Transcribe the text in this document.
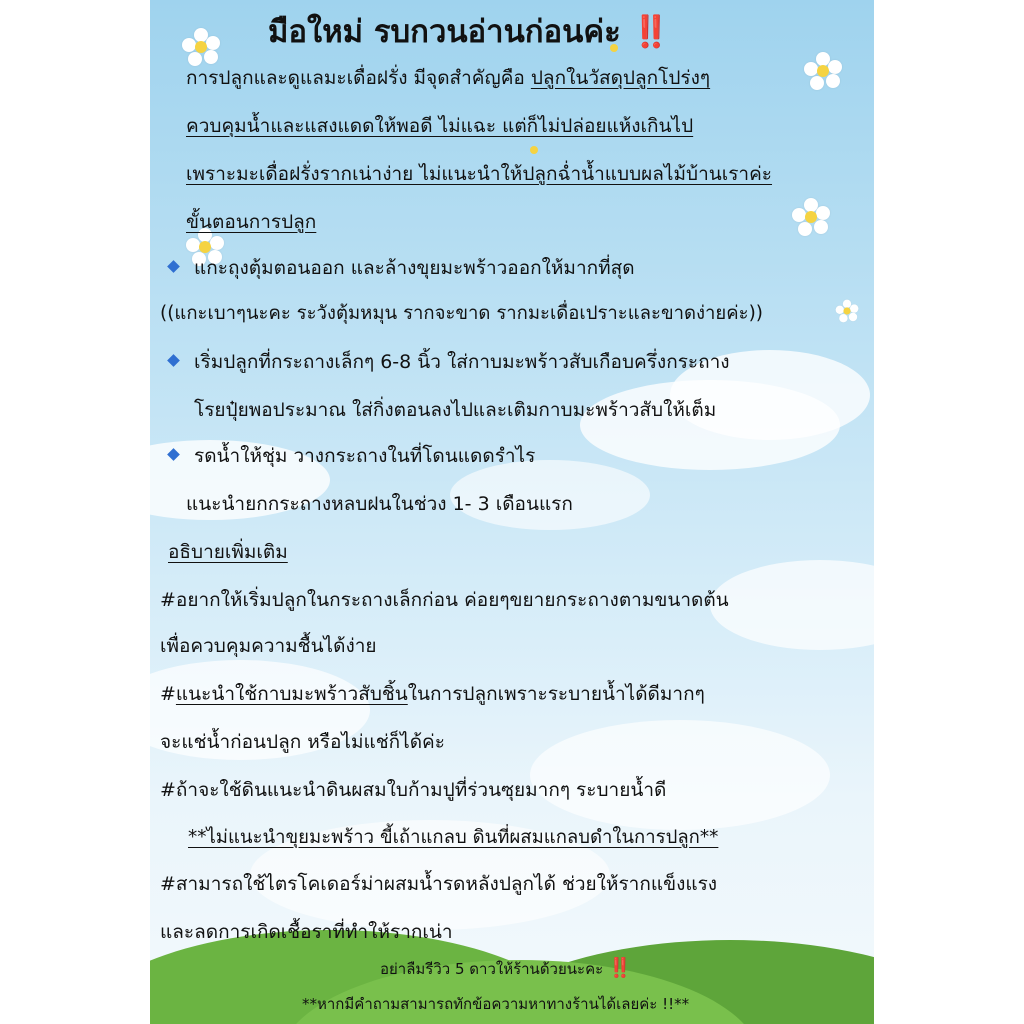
มือใหม่ รบกวนอ่านก่อนค่ะ ‼️
การปลูกและดูแลมะเดื่อฝรั่ง มีจุดสำคัญคือ ปลูกในวัสดุปลูกโปร่งๆ
ควบคุมน้ำและแสงแดดให้พอดี ไม่แฉะ แต่ก็ไม่ปล่อยแห้งเกินไป
เพราะมะเดื่อฝรั่งรากเน่าง่าย ไม่แนะนำให้ปลูกฉ่ำน้ำแบบผลไม้บ้านเราค่ะ
ขั้นตอนการปลูก
แกะถุงตุ้มตอนออก และล้างขุยมะพร้าวออกให้มากที่สุด
((แกะเบาๆนะคะ ระวังตุ้มหมุน รากจะขาด รากมะเดื่อเปราะและขาดง่ายค่ะ))
เริ่มปลูกที่กระถางเล็กๆ 6-8 นิ้ว ใส่กาบมะพร้าวสับเกือบครึ่งกระถาง
โรยปุ๋ยพอประมาณ ใส่กิ่งตอนลงไปและเติมกาบมะพร้าวสับให้เต็ม
รดน้ำให้ชุ่ม วางกระถางในที่โดนแดดรำไร
แนะนำยกกระถางหลบฝนในช่วง 1- 3 เดือนแรก
อธิบายเพิ่มเติม
#อยากให้เริ่มปลูกในกระถางเล็กก่อน ค่อยๆขยายกระถางตามขนาดต้น
เพื่อควบคุมความชื้นได้ง่าย
#แนะนำใช้กาบมะพร้าวสับชิ้นในการปลูกเพราะระบายน้ำได้ดีมากๆ
จะแช่น้ำก่อนปลูก หรือไม่แช่ก็ได้ค่ะ
#ถ้าจะใช้ดินแนะนำดินผสมใบก้ามปูที่ร่วนซุยมากๆ ระบายน้ำดี
**ไม่แนะนำขุยมะพร้าว ขี้เถ้าแกลบ ดินที่ผสมแกลบดำในการปลูก**
#สามารถใช้ไตรโคเดอร์ม่าผสมน้ำรดหลังปลูกได้ ช่วยให้รากแข็งแรง
และลดการเกิดเชื้อราที่ทำให้รากเน่า
อย่าลืมรีวิว 5 ดาวให้ร้านด้วยนะคะ ‼️
**หากมีคำถามสามารถทักข้อความหาทางร้านได้เลยค่ะ !!**
